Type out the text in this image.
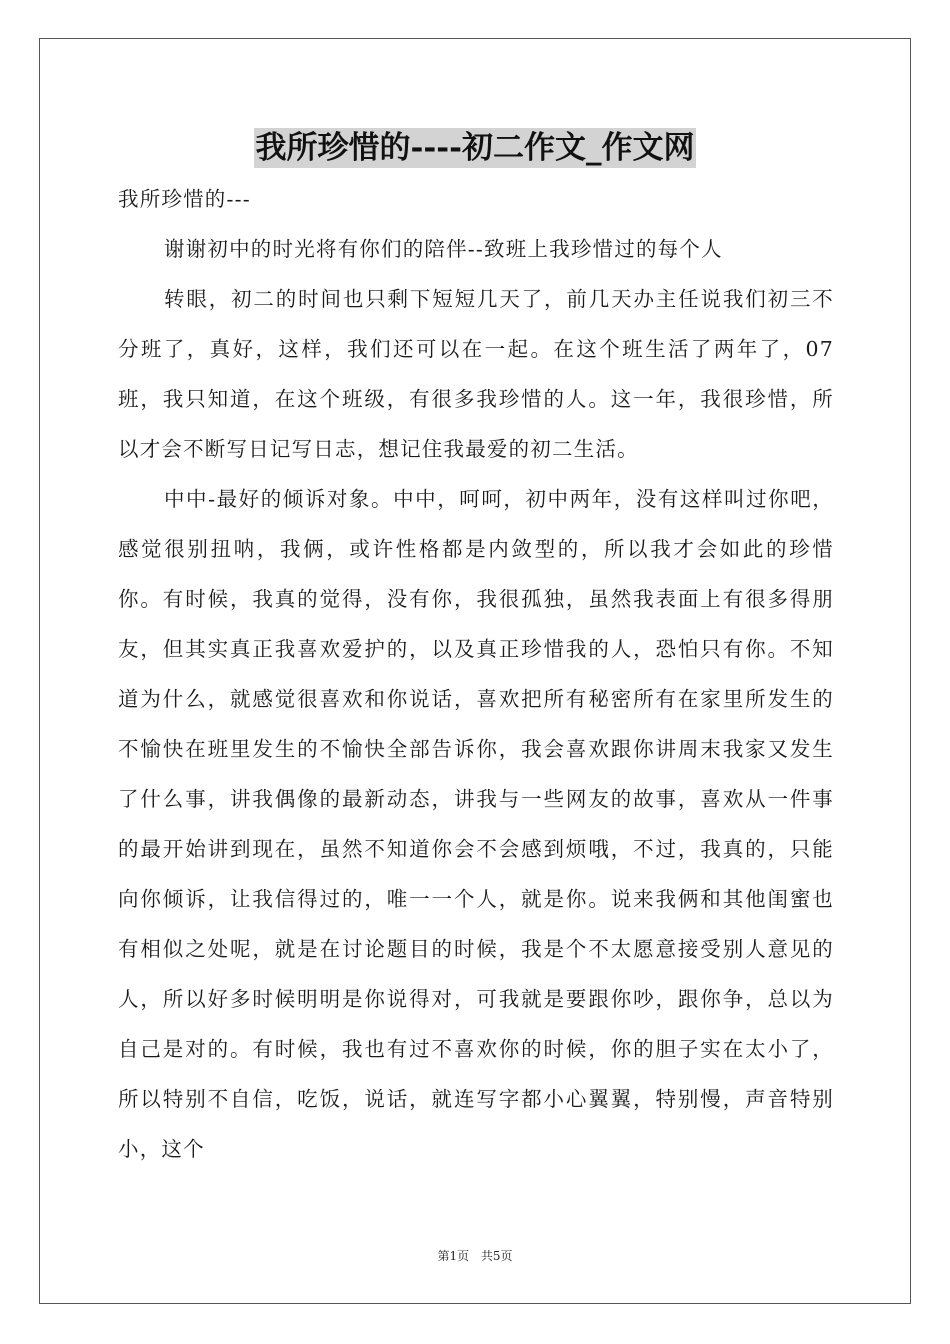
我所珍惜的----初二作文_作文网

我所珍惜的---

谢谢初中的时光将有你们的陪伴--致班上我珍惜过的每个人

转眼，初二的时间也只剩下短短几天了，前几天办主任说我们初三不分班了，真好，这样，我们还可以在一起。在这个班生活了两年了，07班，我只知道，在这个班级，有很多我珍惜的人。这一年，我很珍惜，所以才会不断写日记写日志，想记住我最爱的初二生活。

中中-最好的倾诉对象。中中，呵呵，初中两年，没有这样叫过你吧，感觉很别扭呐，我俩，或许性格都是内敛型的，所以我才会如此的珍惜你。有时候，我真的觉得，没有你，我很孤独，虽然我表面上有很多得朋友，但其实真正我喜欢爱护的，以及真正珍惜我的人，恐怕只有你。不知道为什么，就感觉很喜欢和你说话，喜欢把所有秘密所有在家里所发生的不愉快在班里发生的不愉快全部告诉你，我会喜欢跟你讲周末我家又发生了什么事，讲我偶像的最新动态，讲我与一些网友的故事，喜欢从一件事的最开始讲到现在，虽然不知道你会不会感到烦哦，不过，我真的，只能向你倾诉，让我信得过的，唯一一个人，就是你。说来我俩和其他闺蜜也有相似之处呢，就是在讨论题目的时候，我是个不太愿意接受别人意见的人，所以好多时候明明是你说得对，可我就是要跟你吵，跟你争，总以为自己是对的。有时候，我也有过不喜欢你的时候，你的胆子实在太小了，所以特别不自信，吃饭，说话，就连写字都小心翼翼，特别慢，声音特别小，这个

第1页 共5页
